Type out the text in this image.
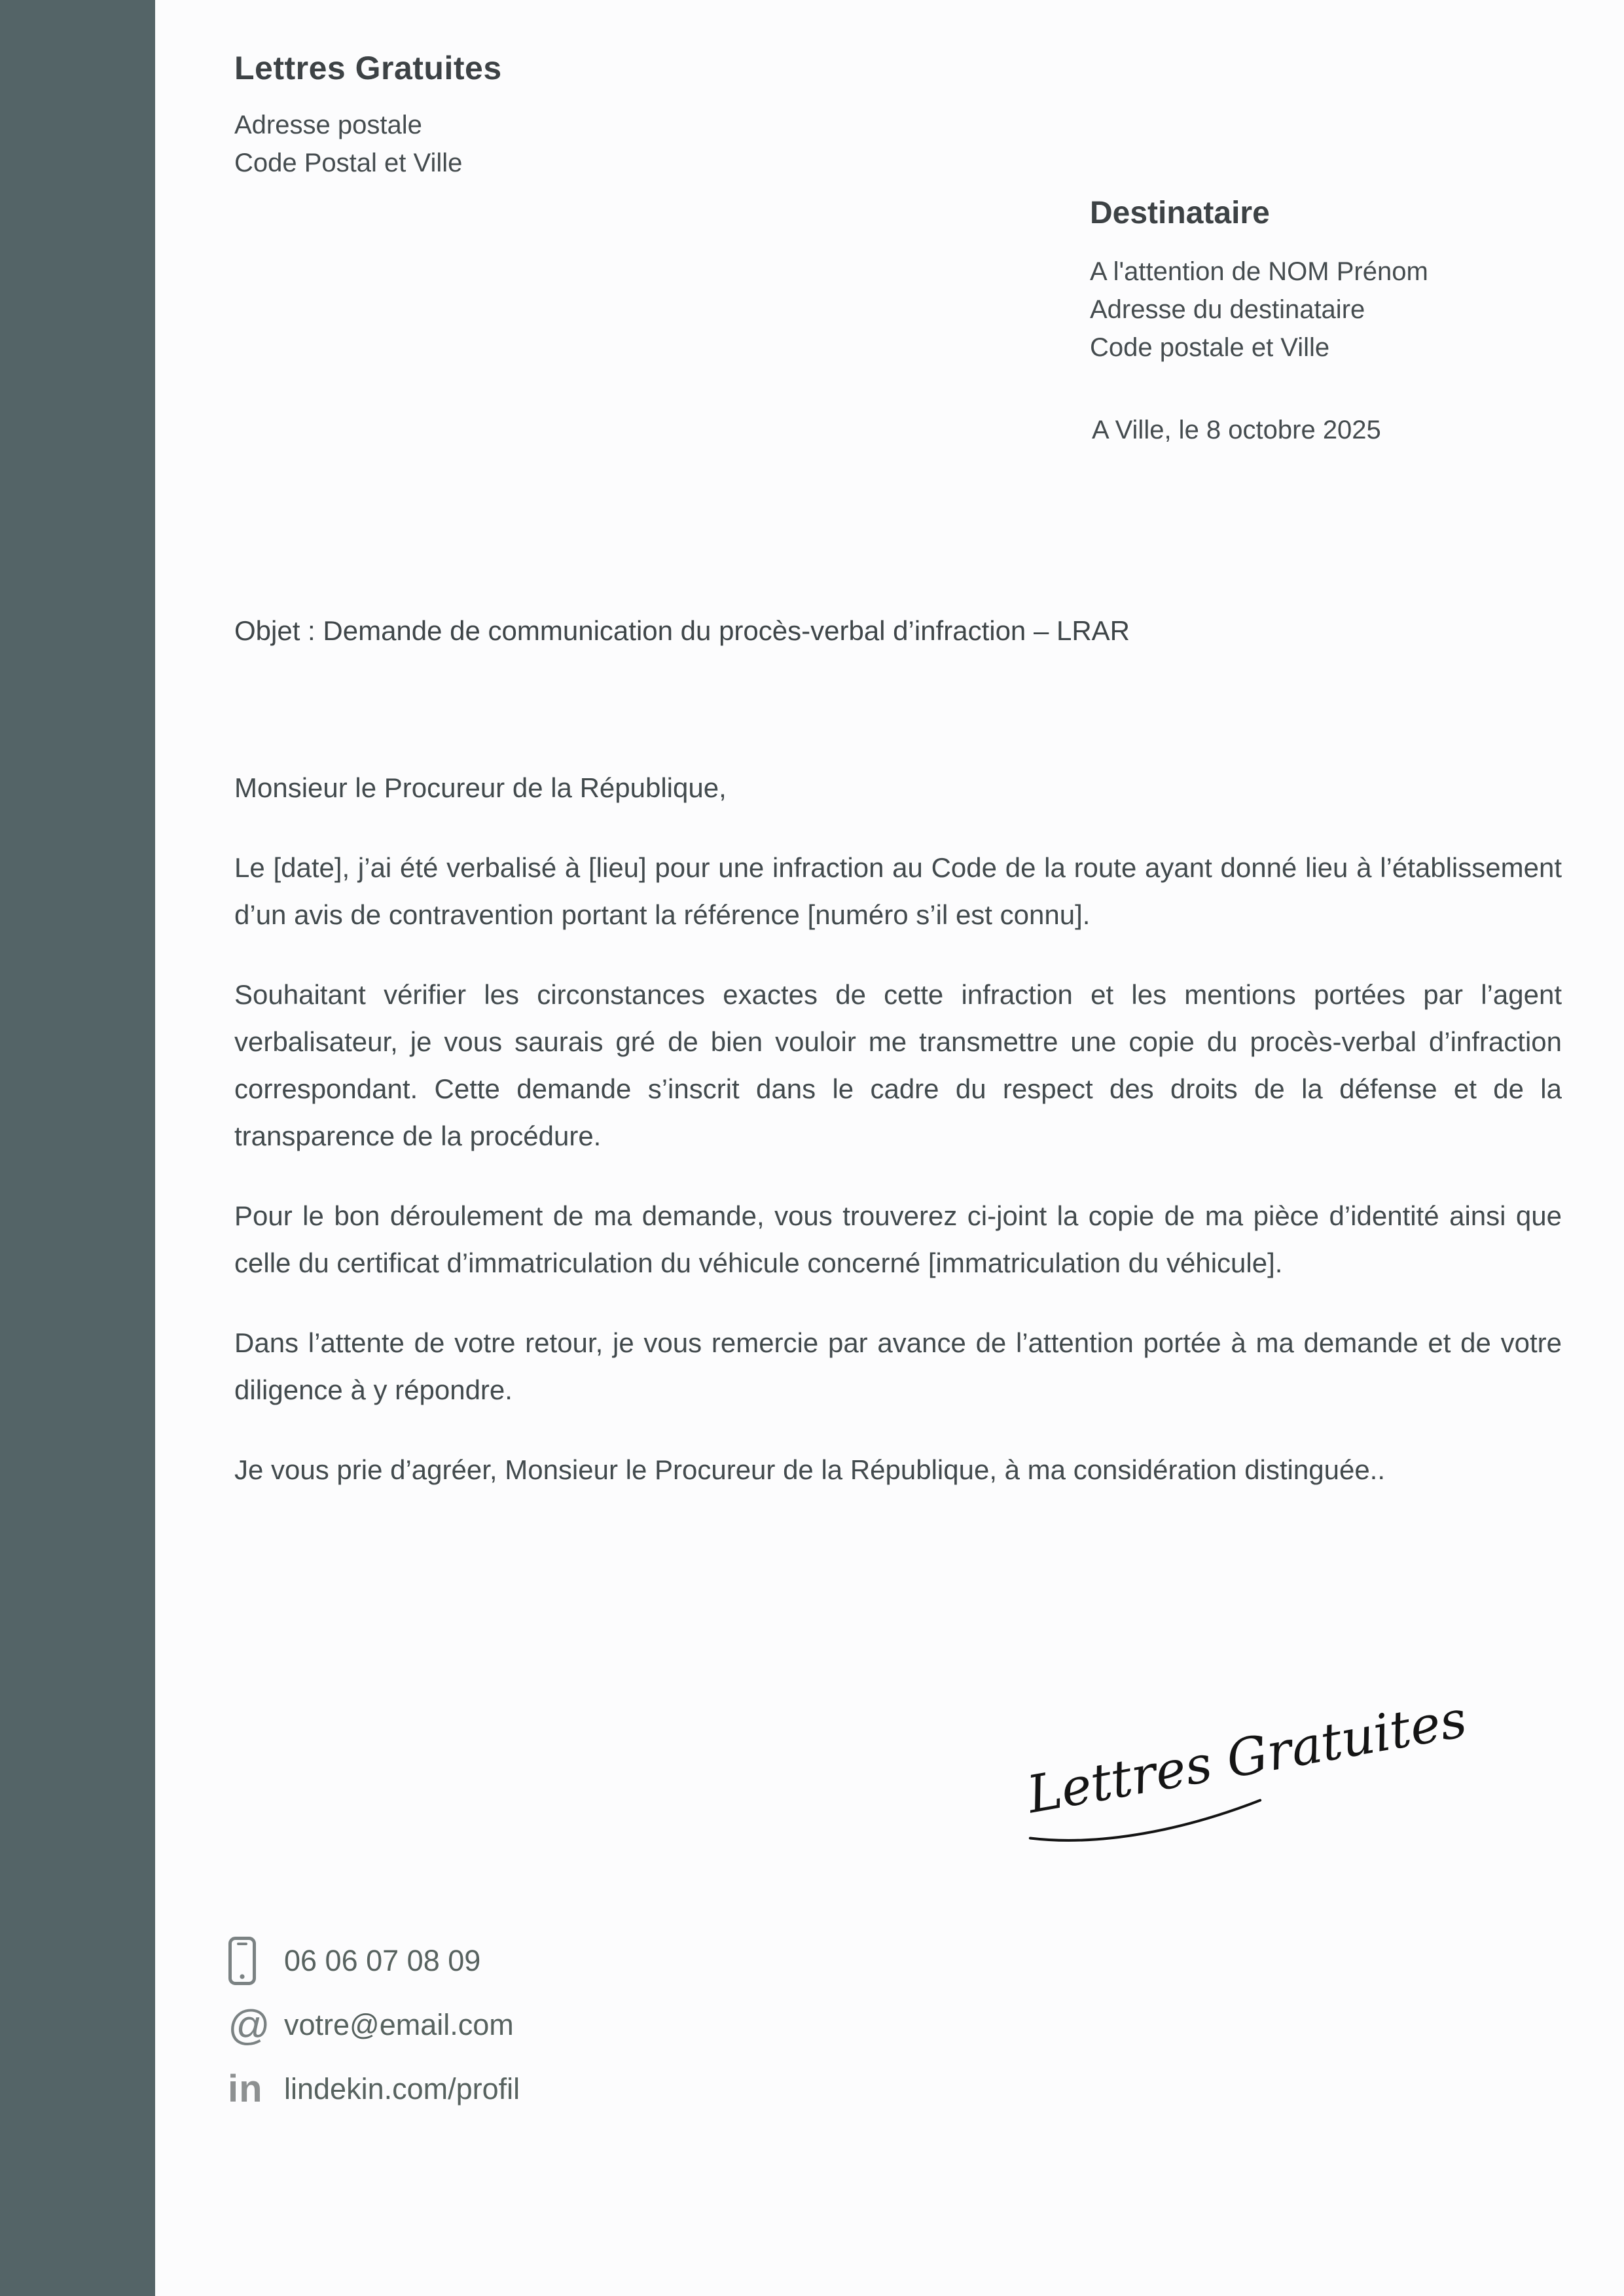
Lettres Gratuites
Adresse postale
Code Postal et Ville
Destinataire
A l'attention de NOM Prénom
Adresse du destinataire
Code postale et Ville
A Ville, le 8 octobre 2025
Objet : Demande de communication du procès-verbal d’infraction – LRAR

Monsieur le Procureur de la République,

Le [date], j’ai été verbalisé à [lieu] pour une infraction au Code de la route ayant donné lieu à l’établissement d’un avis de contravention portant la référence [numéro s’il est connu].

Souhaitant vérifier les circonstances exactes de cette infraction et les mentions portées par l’agent verbalisateur, je vous saurais gré de bien vouloir me transmettre une copie du procès-verbal d’infraction correspondant. Cette demande s’inscrit dans le cadre du respect des droits de la défense et de la transparence de la procédure.

Pour le bon déroulement de ma demande, vous trouverez ci-joint la copie de ma pièce d’identité ainsi que celle du certificat d’immatriculation du véhicule concerné [immatriculation du véhicule].

Dans l’attente de votre retour, je vous remercie par avance de l’attention portée à ma demande et de votre diligence à y répondre.

Je vous prie d’agréer, Monsieur le Procureur de la République, à ma considération distinguée..

Lettres Gratuites.
06 06 07 08 09
@ votre@email.com
in lindekin.com/profil
